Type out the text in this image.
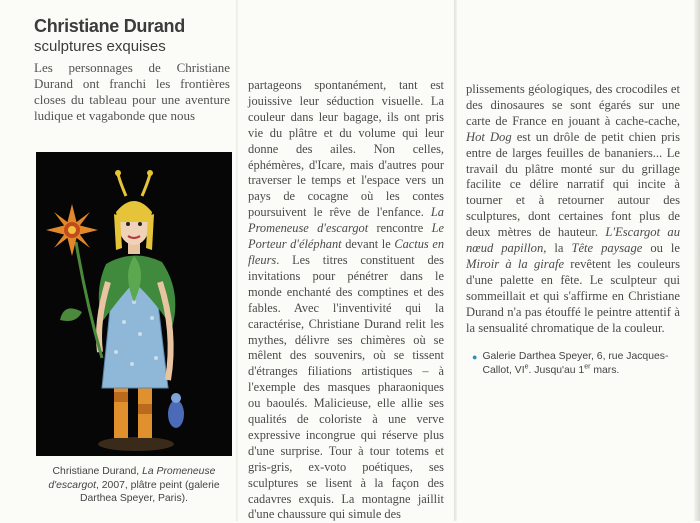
Christiane Durand
sculptures exquises

Les personnages de Christiane Durand ont franchi les frontières closes du tableau pour une aventure ludique et vagabonde que nous

Christiane Durand, La Promeneuse d'escargot, 2007, plâtre peint (galerie Darthea Speyer, Paris).

partageons spontanément, tant est jouissive leur séduction visuelle. La couleur dans leur bagage, ils ont pris vie du plâtre et du volume qui leur donne des ailes. Non celles, éphémères, d'Icare, mais d'autres pour traverser le temps et l'espace vers un pays de cocagne où les contes poursuivent le rêve de l'enfance. La Promeneuse d'escargot rencontre Le Porteur d'éléphant devant le Cactus en fleurs. Les titres constituent des invitations pour pénétrer dans le monde enchanté des comptines et des fables. Avec l'inventivité qui la caractérise, Christiane Durand relit les mythes, délivre ses chimères où se mêlent des souvenirs, où se tissent d'étranges filiations artistiques – à l'exemple des masques pharaoniques ou baoulés. Malicieuse, elle allie ses qualités de coloriste à une verve expressive incongrue qui réserve plus d'une surprise. Tour à tour totems et gris-gris, ex-voto poétiques, ses sculptures se lisent à la façon des cadavres exquis. La montagne jaillit d'une chaussure qui simule des

plissements géologiques, des crocodiles et des dinosaures se sont égarés sur une carte de France en jouant à cache-cache, Hot Dog est un drôle de petit chien pris entre de larges feuilles de bananiers... Le travail du plâtre monté sur du grillage facilite ce délire narratif qui incite à tourner et à retourner autour des sculptures, dont certaines font plus de deux mètres de hauteur. L'Escargot au nœud papillon, la Tête paysage ou le Miroir à la girafe revêtent les couleurs d'une palette en fête. Le sculpteur qui sommeillait et qui s'affirme en Christiane Durand n'a pas étouffé le peintre attentif à la sensualité chromatique de la couleur.

● Galerie Darthea Speyer, 6, rue Jacques-Callot, VIe. Jusqu'au 1er mars.
